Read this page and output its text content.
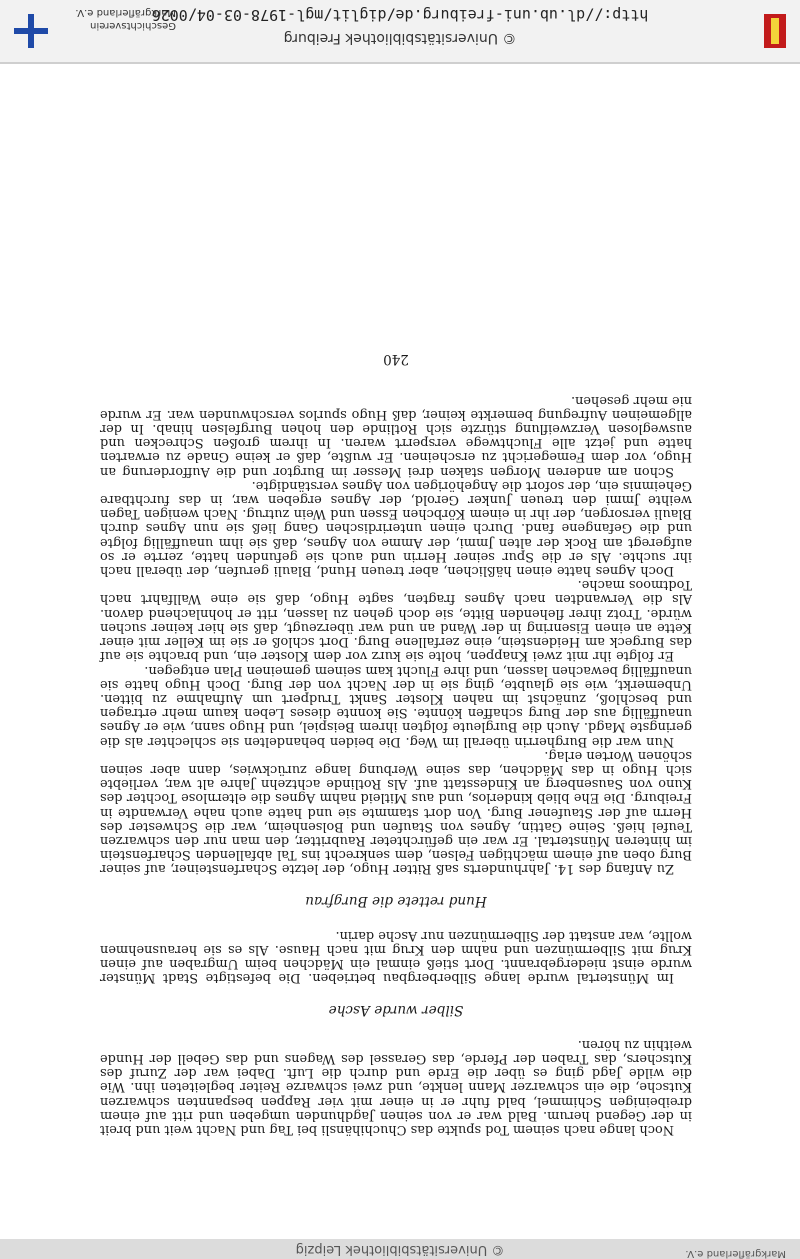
© Universitätsbibliothek Leipzig	Markgräflerland e.V.

Noch lange nach seinem Tod spukte das Chuchihänsli bei Tag und Nacht weit und breit in der Gegend herum. Bald war er von seinen Jagdhunden umgeben und ritt auf einem dreibeinigen Schimmel, bald fuhr er in einer mit vier Rappen bespannten schwarzen Kutsche, die ein schwarzer Mann lenkte, und zwei schwarze Reiter begleiteten ihn. Wie die wilde Jagd ging es über die Erde und durch die Luft. Dabei war der Zuruf des Kutschers, das Traben der Pferde, das Gerassel des Wagens und das Gebell der Hunde weithin zu hören.

Silber wurde Asche

Im Münstertal wurde lange Silberbergbau betrieben. Die befestigte Stadt Münster wurde einst niedergebrannt. Dort stieß einmal ein Mädchen beim Umgraben auf einen Krug mit Silbermünzen und nahm den Krug mit nach Hause. Als es sie herausnehmen wollte, war anstatt der Silbermünzen nur Asche darin.

Hund rettete die Burgfrau

Zu Anfang des 14. Jahrhunderts saß Ritter Hugo, der letzte Scharfensteiner, auf seiner Burg oben auf einem mächtigen Felsen, dem senkrecht ins Tal abfallenden Scharfenstein im hinteren Münstertal. Er war ein gefürchteter Raubritter, den man nur den schwarzen Teufel hieß. Seine Gattin, Agnes von Staufen und Bolsenheim, war die Schwester des Herrn auf der Staufener Burg. Von dort stammte sie und hatte auch nahe Verwandte in Freiburg. Die Ehe blieb kinderlos, und aus Mitleid nahm Agnes die elternlose Tochter des Kuno von Sausenberg an Kindesstatt auf. Als Rotlinde achtzehn Jahre alt war, verliebte sich Hugo in das Mädchen, das seine Werbung lange zurückwies, dann aber seinen schönen Worten erlag.

Nun war die Burgherrin überall im Weg. Die beiden behandelten sie schlechter als die geringste Magd. Auch die Burgleute folgten ihrem Beispiel, und Hugo sann, wie er Agnes unauffällig aus der Burg schaffen könnte. Sie konnte dieses Leben kaum mehr ertragen und beschloß, zunächst im nahen Kloster Sankt Trudpert um Aufnahme zu bitten. Unbemerkt, wie sie glaubte, ging sie in der Nacht von der Burg. Doch Hugo hatte sie unauffällig bewachen lassen, und ihre Flucht kam seinem gemeinen Plan entgegen.

Er folgte ihr mit zwei Knappen, holte sie kurz vor dem Kloster ein, und brachte sie auf das Burgeck am Heidenstein, eine zerfallene Burg. Dort schloß er sie im Keller mit einer Kette an einen Eisenring in der Wand an und war überzeugt, daß sie hier keiner suchen würde. Trotz ihrer flehenden Bitte, sie doch gehen zu lassen, ritt er hohnlachend davon. Als die Verwandten nach Agnes fragten, sagte Hugo, daß sie eine Wallfahrt nach Todtmoos mache.

Doch Agnes hatte einen häßlichen, aber treuen Hund, Blauli gerufen, der überall nach ihr suchte. Als er die Spur seiner Herrin und auch sie gefunden hatte, zerrte er so aufgeregt am Rock der alten Jmmi, der Amme von Agnes, daß sie ihm unauffällig folgte und die Gefangene fand. Durch einen unterirdischen Gang ließ sie nun Agnes durch Blauli versorgen, der ihr in einem Körbchen Essen und Wein zutrug. Nach wenigen Tagen weihte Jmmi den treuen Junker Gerold, der Agnes ergeben war, in das furchtbare Geheimnis ein, der sofort die Angehörigen von Agnes verständigte.

Schon am anderen Morgen staken drei Messer im Burgtor und die Aufforderung an Hugo, vor dem Femegericht zu erscheinen. Er wußte, daß er keine Gnade zu erwarten hatte und jetzt alle Fluchtwege versperrt waren. In ihrem großen Schrecken und ausweglosen Verzweiflung stürzte sich Rotlinde den hohen Burgfelsen hinab. In der allgemeinen Aufregung bemerkte keiner, daß Hugo spurlos verschwunden war. Er wurde nie mehr gesehen.

240
© Universitätsbibliothek Freiburg
http://dl.ub.uni-freiburg.de/diglit/mgl-1978-03-04/0026
Geschichtsverein
Markgräflerland e.V.
